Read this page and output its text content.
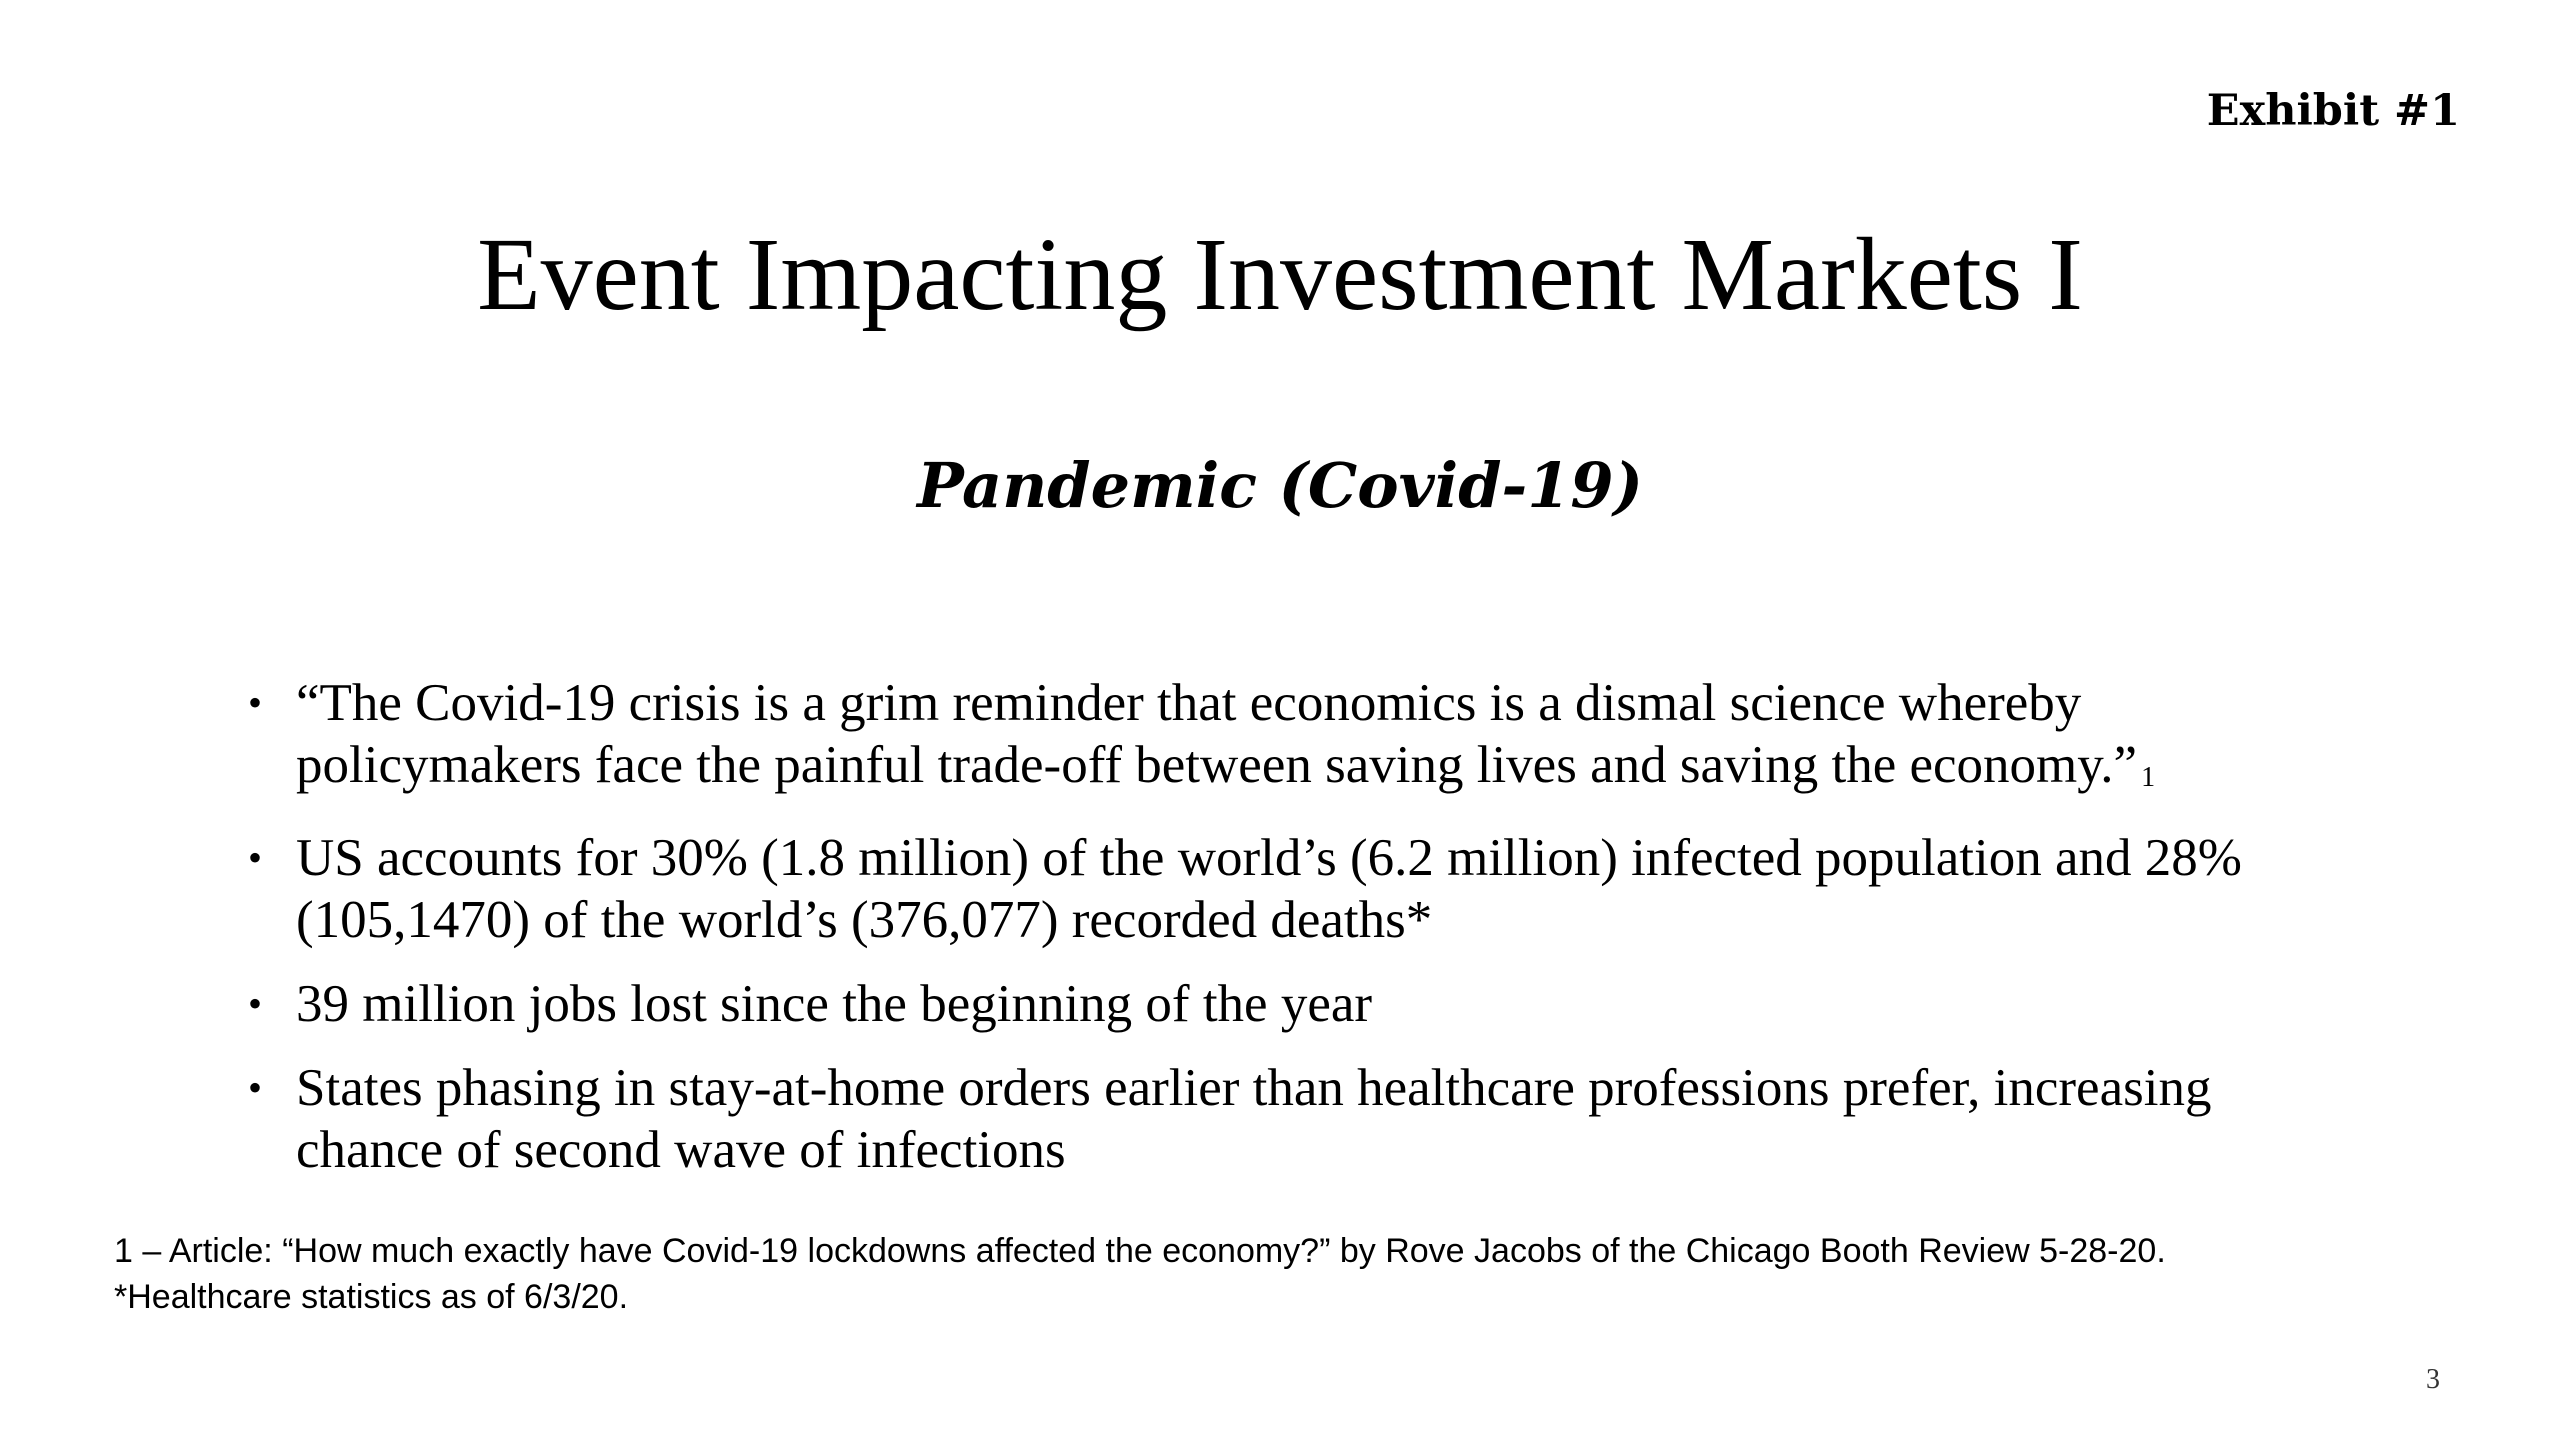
Exhibit #1
Event Impacting Investment Markets I
Pandemic (Covid-19)
• “The Covid-19 crisis is a grim reminder that economics is a dismal science whereby policymakers face the painful trade-off between saving lives and saving the economy.” 1
• US accounts for 30% (1.8 million) of the world’s (6.2 million) infected population and 28% (105,1470) of the world’s (376,077) recorded deaths*
• 39 million jobs lost since the beginning of the year
• States phasing in stay-at-home orders earlier than healthcare professions prefer, increasing chance of second wave of infections
1 – Article: “How much exactly have Covid-19 lockdowns affected the economy?” by Rove Jacobs of the Chicago Booth Review 5-28-20.
*Healthcare statistics as of 6/3/20.
3
